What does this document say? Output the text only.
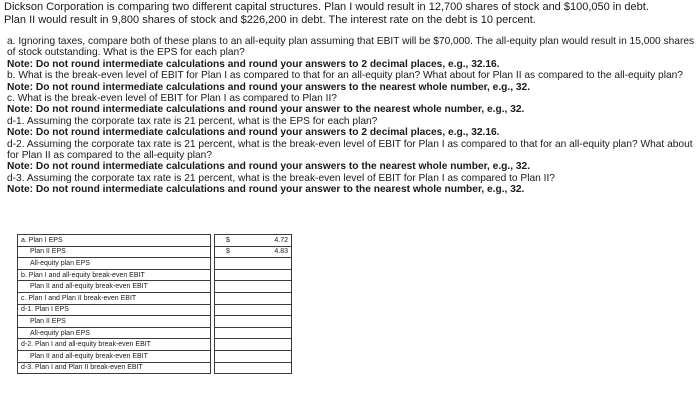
Dickson Corporation is comparing two different capital structures. Plan I would result in 12,700 shares of stock and $100,050 in debt.
Plan II would result in 9,800 shares of stock and $226,200 in debt. The interest rate on the debt is 10 percent.

a. Ignoring taxes, compare both of these plans to an all-equity plan assuming that EBIT will be $70,000. The all-equity plan would result in 15,000 shares of stock outstanding. What is the EPS for each plan?

Note: Do not round intermediate calculations and round your answers to 2 decimal places, e.g., 32.16.

b. What is the break-even level of EBIT for Plan I as compared to that for an all-equity plan? What about for Plan II as compared to the all-equity plan?

Note: Do not round intermediate calculations and round your answers to the nearest whole number, e.g., 32.

c. What is the break-even level of EBIT for Plan I as compared to Plan II?

Note: Do not round intermediate calculations and round your answer to the nearest whole number, e.g., 32.

d-1. Assuming the corporate tax rate is 21 percent, what is the EPS for each plan?

Note: Do not round intermediate calculations and round your answers to 2 decimal places, e.g., 32.16.

d-2. Assuming the corporate tax rate is 21 percent, what is the break-even level of EBIT for Plan I as compared to that for an all-equity plan? What about for Plan II as compared to the all-equity plan?

Note: Do not round intermediate calculations and round your answers to the nearest whole number, e.g., 32.

d-3. Assuming the corporate tax rate is 21 percent, what is the break-even level of EBIT for Plan I as compared to Plan II?

Note: Do not round intermediate calculations and round your answer to the nearest whole number, e.g., 32.

a. Plan I EPS		$ 4.72

Plan II EPS		$ 4.83

All-equity plan EPS		

b. Plan I and all-equity break-even EBIT		

Plan II and all-equity break-even EBIT		

c. Plan I and Plan II break-even EBIT		

d-1. Plan I EPS		

Plan II EPS		

All-equity plan EPS		

d-2. Plan I and all-equity break-even EBIT		

Plan II and all-equity break-even EBIT		

d-3. Plan I and Plan II break-even EBIT		
